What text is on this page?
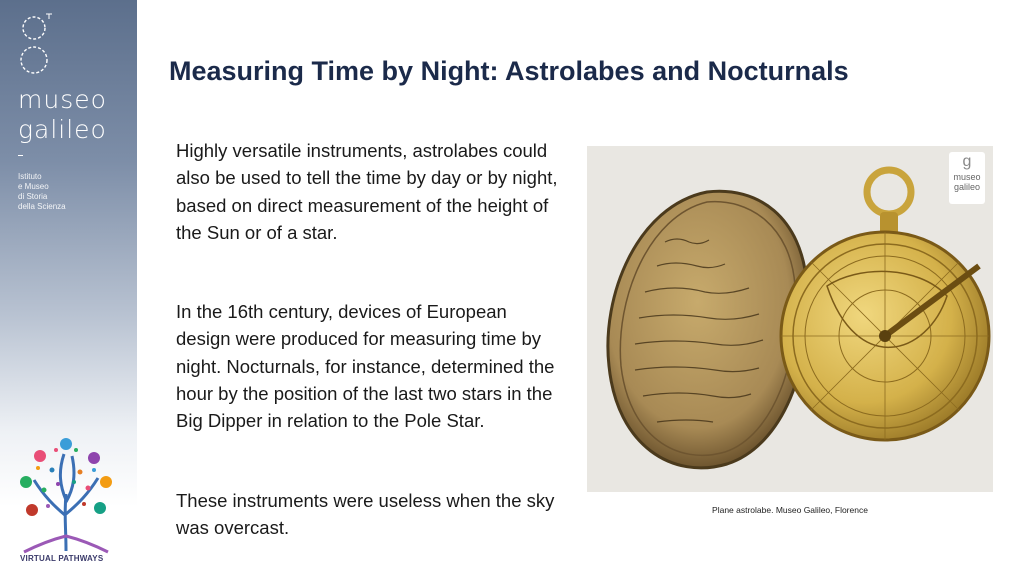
museo
galileo
Istituto
e Museo
di Storia
della Scienza
VIRTUAL PATHWAYS
Measuring Time by Night: Astrolabes and Nocturnals

Highly versatile instruments, astrolabes could also be used to tell the time by day or by night, based on direct measurement of the height of the Sun or of a star.

In the 16th century, devices of European design were produced for measuring time by night. Nocturnals, for instance, determined the hour by the position of the last two stars in the Big Dipper in relation to the Pole Star.

These instruments were useless when the sky was overcast.

g
museo
galileo
Plane astrolabe. Museo Galileo, Florence
